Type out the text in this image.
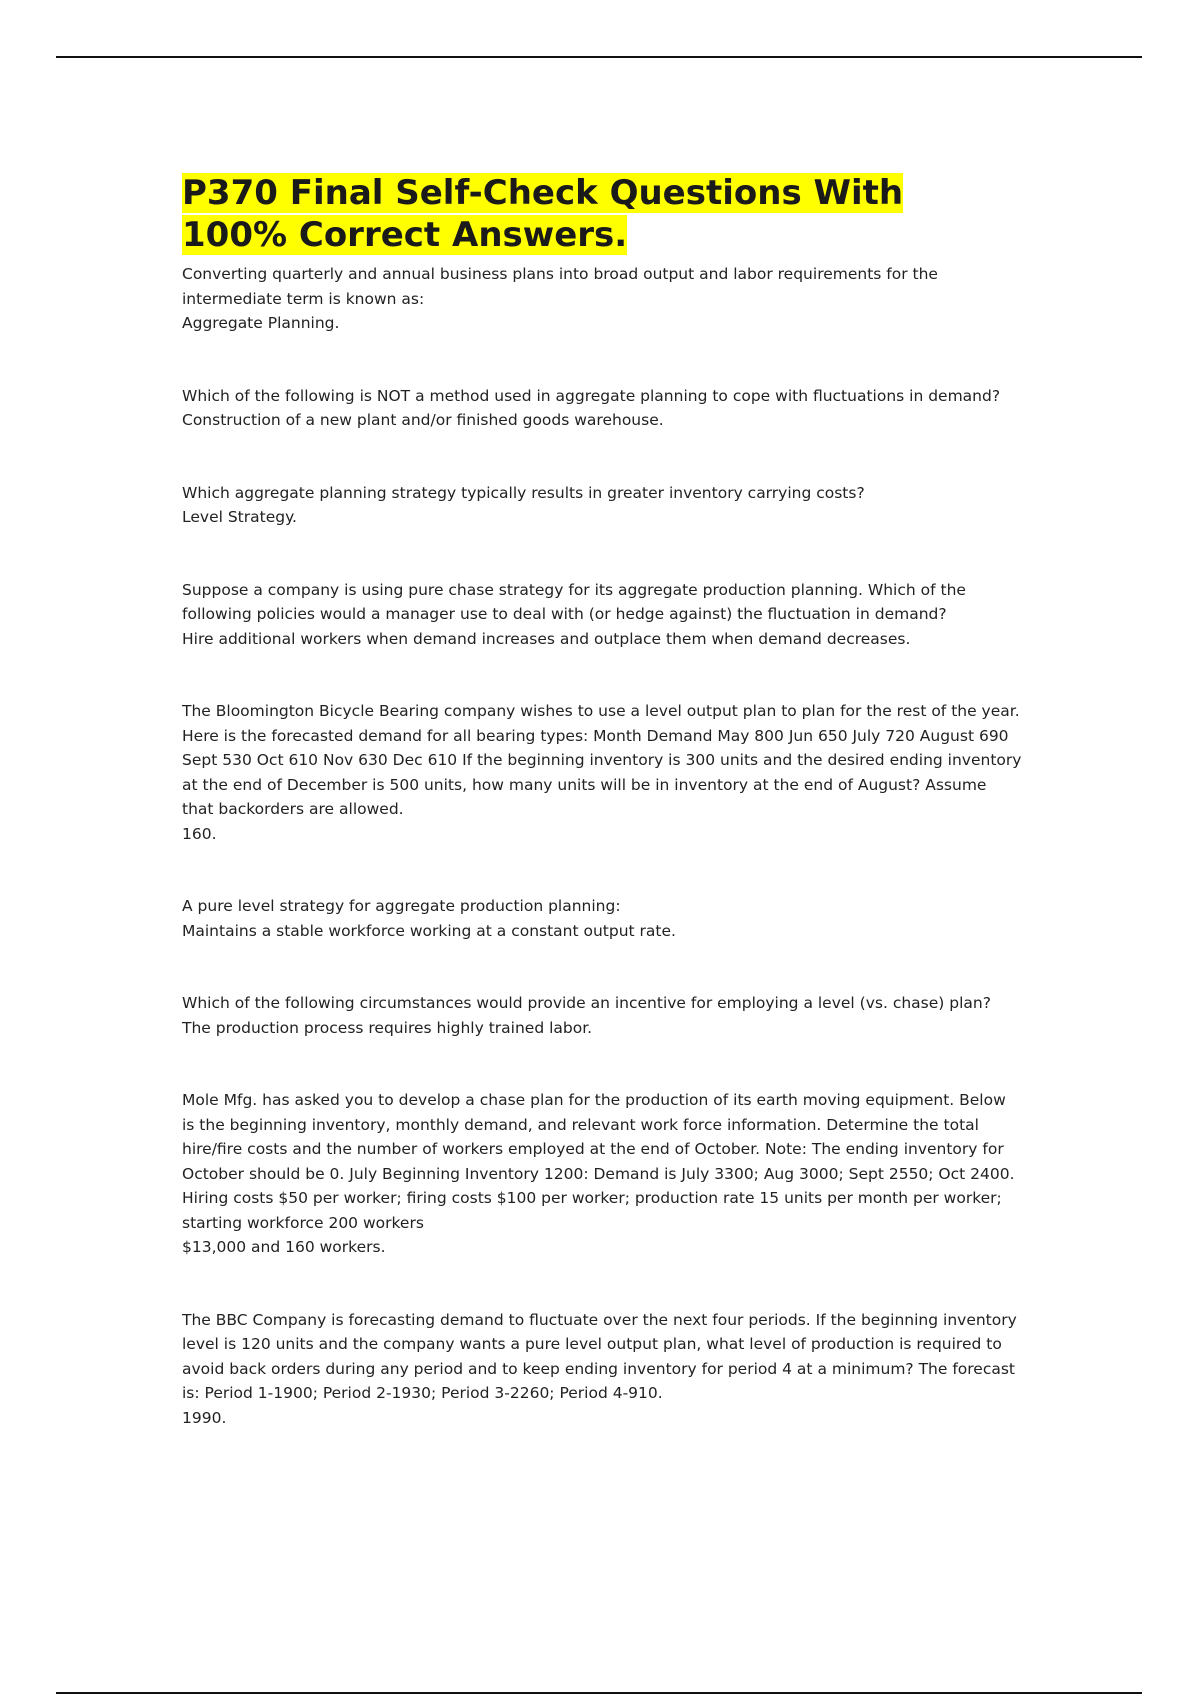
P370 Final Self-Check Questions With
100% Correct Answers.

Converting quarterly and annual business plans into broad output and labor requirements for the intermediate term is known as:

Aggregate Planning.

Which of the following is NOT a method used in aggregate planning to cope with fluctuations in demand?

Construction of a new plant and/or finished goods warehouse.

Which aggregate planning strategy typically results in greater inventory carrying costs?

Level Strategy.

Suppose a company is using pure chase strategy for its aggregate production planning. Which of the following policies would a manager use to deal with (or hedge against) the fluctuation in demand?

Hire additional workers when demand increases and outplace them when demand decreases.

The Bloomington Bicycle Bearing company wishes to use a level output plan to plan for the rest of the year. Here is the forecasted demand for all bearing types: Month Demand May 800 Jun 650 July 720 August 690 Sept 530 Oct 610 Nov 630 Dec 610 If the beginning inventory is 300 units and the desired ending inventory at the end of December is 500 units, how many units will be in inventory at the end of August? Assume that backorders are allowed.

160.

A pure level strategy for aggregate production planning:

Maintains a stable workforce working at a constant output rate.

Which of the following circumstances would provide an incentive for employing a level (vs. chase) plan?

The production process requires highly trained labor.

Mole Mfg. has asked you to develop a chase plan for the production of its earth moving equipment. Below is the beginning inventory, monthly demand, and relevant work force information. Determine the total hire/fire costs and the number of workers employed at the end of October. Note: The ending inventory for October should be 0. July Beginning Inventory 1200: Demand is July 3300; Aug 3000; Sept 2550; Oct 2400. Hiring costs $50 per worker; firing costs $100 per worker; production rate 15 units per month per worker; starting workforce 200 workers

$13,000 and 160 workers.

The BBC Company is forecasting demand to fluctuate over the next four periods. If the beginning inventory level is 120 units and the company wants a pure level output plan, what level of production is required to avoid back orders during any period and to keep ending inventory for period 4 at a minimum? The forecast is: Period 1-1900; Period 2-1930; Period 3-2260; Period 4-910.

1990.
